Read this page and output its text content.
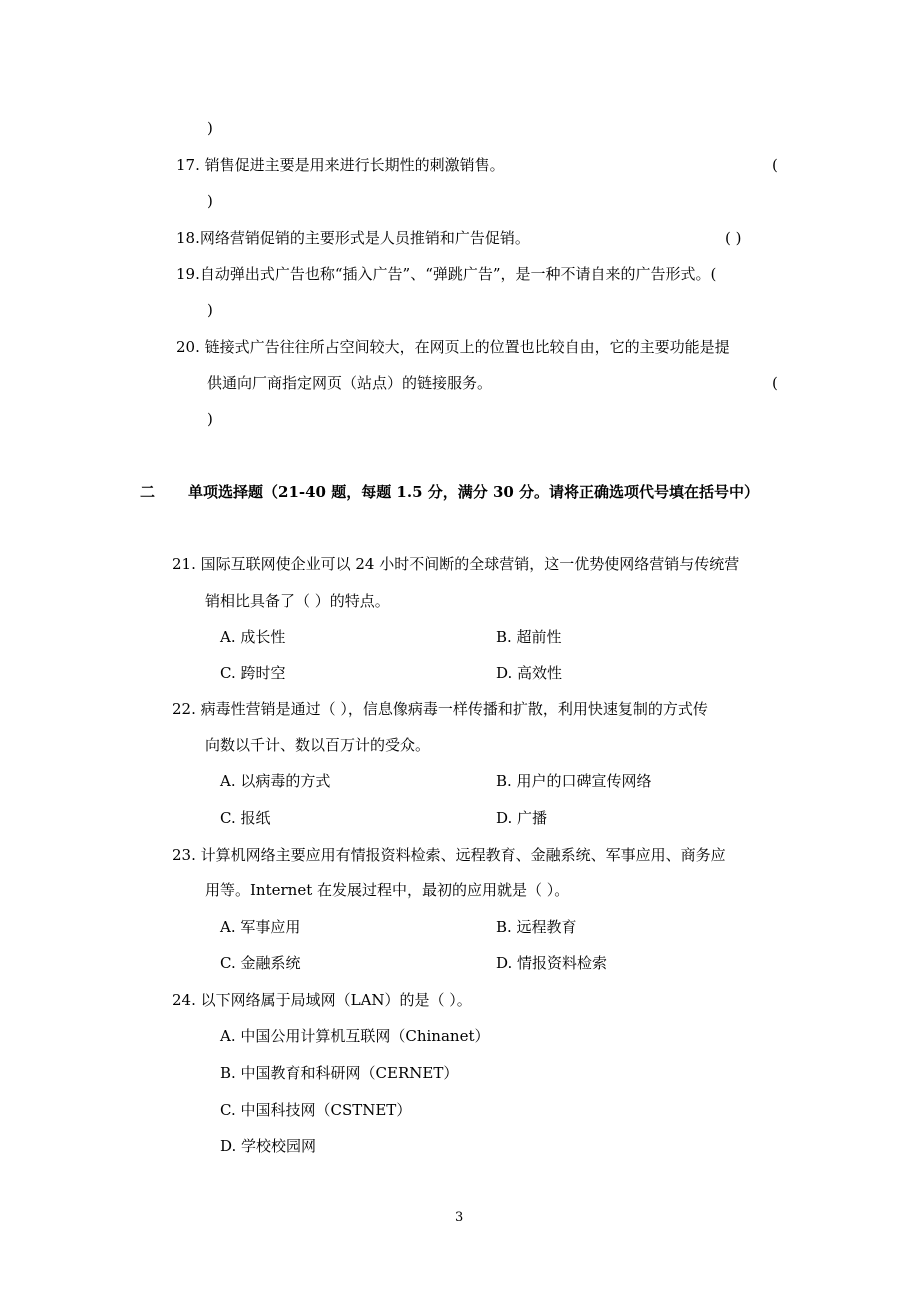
)
17. 销售促进主要是用来进行长期性的刺激销售。	(
)
18.网络营销促销的主要形式是人员推销和广告促销。	( )
19.自动弹出式广告也称“插入广告”、“弹跳广告”，是一种不请自来的广告形式。(
)
20. 链接式广告往往所占空间较大，在网页上的位置也比较自由，它的主要功能是提
供通向厂商指定网页（站点）的链接服务。	(
)
二 单项选择题（21-40 题，每题 1.5 分，满分 30 分。请将正确选项代号填在括号中）
21. 国际互联网使企业可以 24 小时不间断的全球营销，这一优势使网络营销与传统营
销相比具备了（ ）的特点。
A. 成长性	B. 超前性
C. 跨时空	D. 高效性
22. 病毒性营销是通过（ ），信息像病毒一样传播和扩散，利用快速复制的方式传
向数以千计、数以百万计的受众。
A. 以病毒的方式	B. 用户的口碑宣传网络
C. 报纸	D. 广播
23. 计算机网络主要应用有情报资料检索、远程教育、金融系统、军事应用、商务应
用等。Internet 在发展过程中，最初的应用就是（ ）。
A. 军事应用	B. 远程教育
C. 金融系统	D. 情报资料检索
24. 以下网络属于局域网（LAN）的是（ ）。
A. 中国公用计算机互联网（Chinanet）
B. 中国教育和科研网（CERNET）
C. 中国科技网（CSTNET）
D. 学校校园网
3
